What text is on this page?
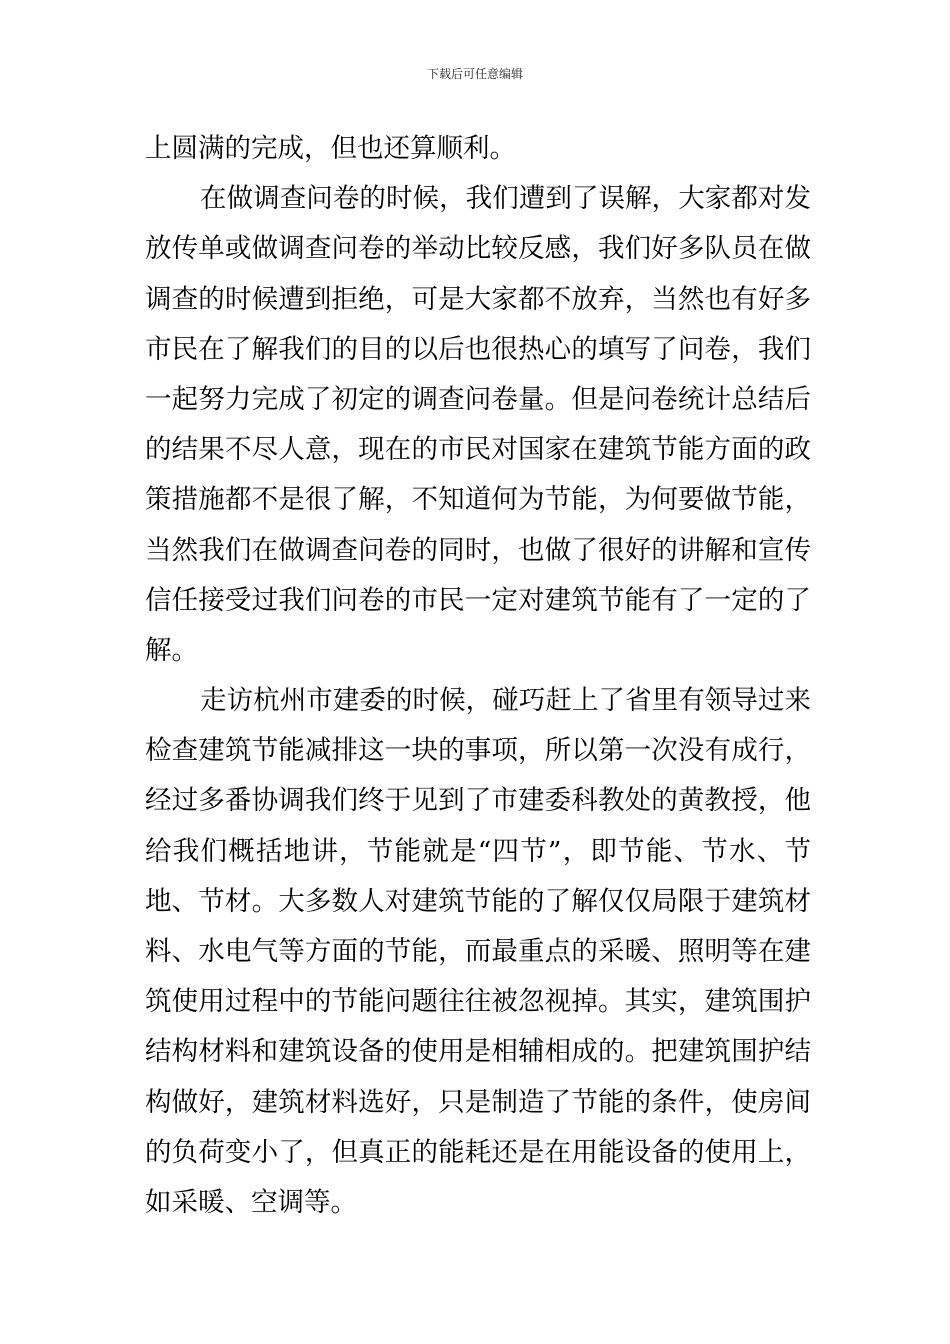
下载后可任意编辑
上圆满的完成，但也还算顺利。
在做调查问卷的时候，我们遭到了误解，大家都对发
放传单或做调查问卷的举动比较反感，我们好多队员在做
调查的时候遭到拒绝，可是大家都不放弃，当然也有好多
市民在了解我们的目的以后也很热心的填写了问卷，我们
一起努力完成了初定的调查问卷量。但是问卷统计总结后
的结果不尽人意，现在的市民对国家在建筑节能方面的政
策措施都不是很了解，不知道何为节能，为何要做节能，
当然我们在做调查问卷的同时，也做了很好的讲解和宣传
信任接受过我们问卷的市民一定对建筑节能有了一定的了
解。
走访杭州市建委的时候，碰巧赶上了省里有领导过来
检查建筑节能减排这一块的事项，所以第一次没有成行，
经过多番协调我们终于见到了市建委科教处的黄教授，他
给我们概括地讲，节能就是“四节”，即节能、节水、节
地、节材。大多数人对建筑节能的了解仅仅局限于建筑材
料、水电气等方面的节能，而最重点的采暖、照明等在建
筑使用过程中的节能问题往往被忽视掉。其实，建筑围护
结构材料和建筑设备的使用是相辅相成的。把建筑围护结
构做好，建筑材料选好，只是制造了节能的条件，使房间
的负荷变小了，但真正的能耗还是在用能设备的使用上，
如采暖、空调等。
